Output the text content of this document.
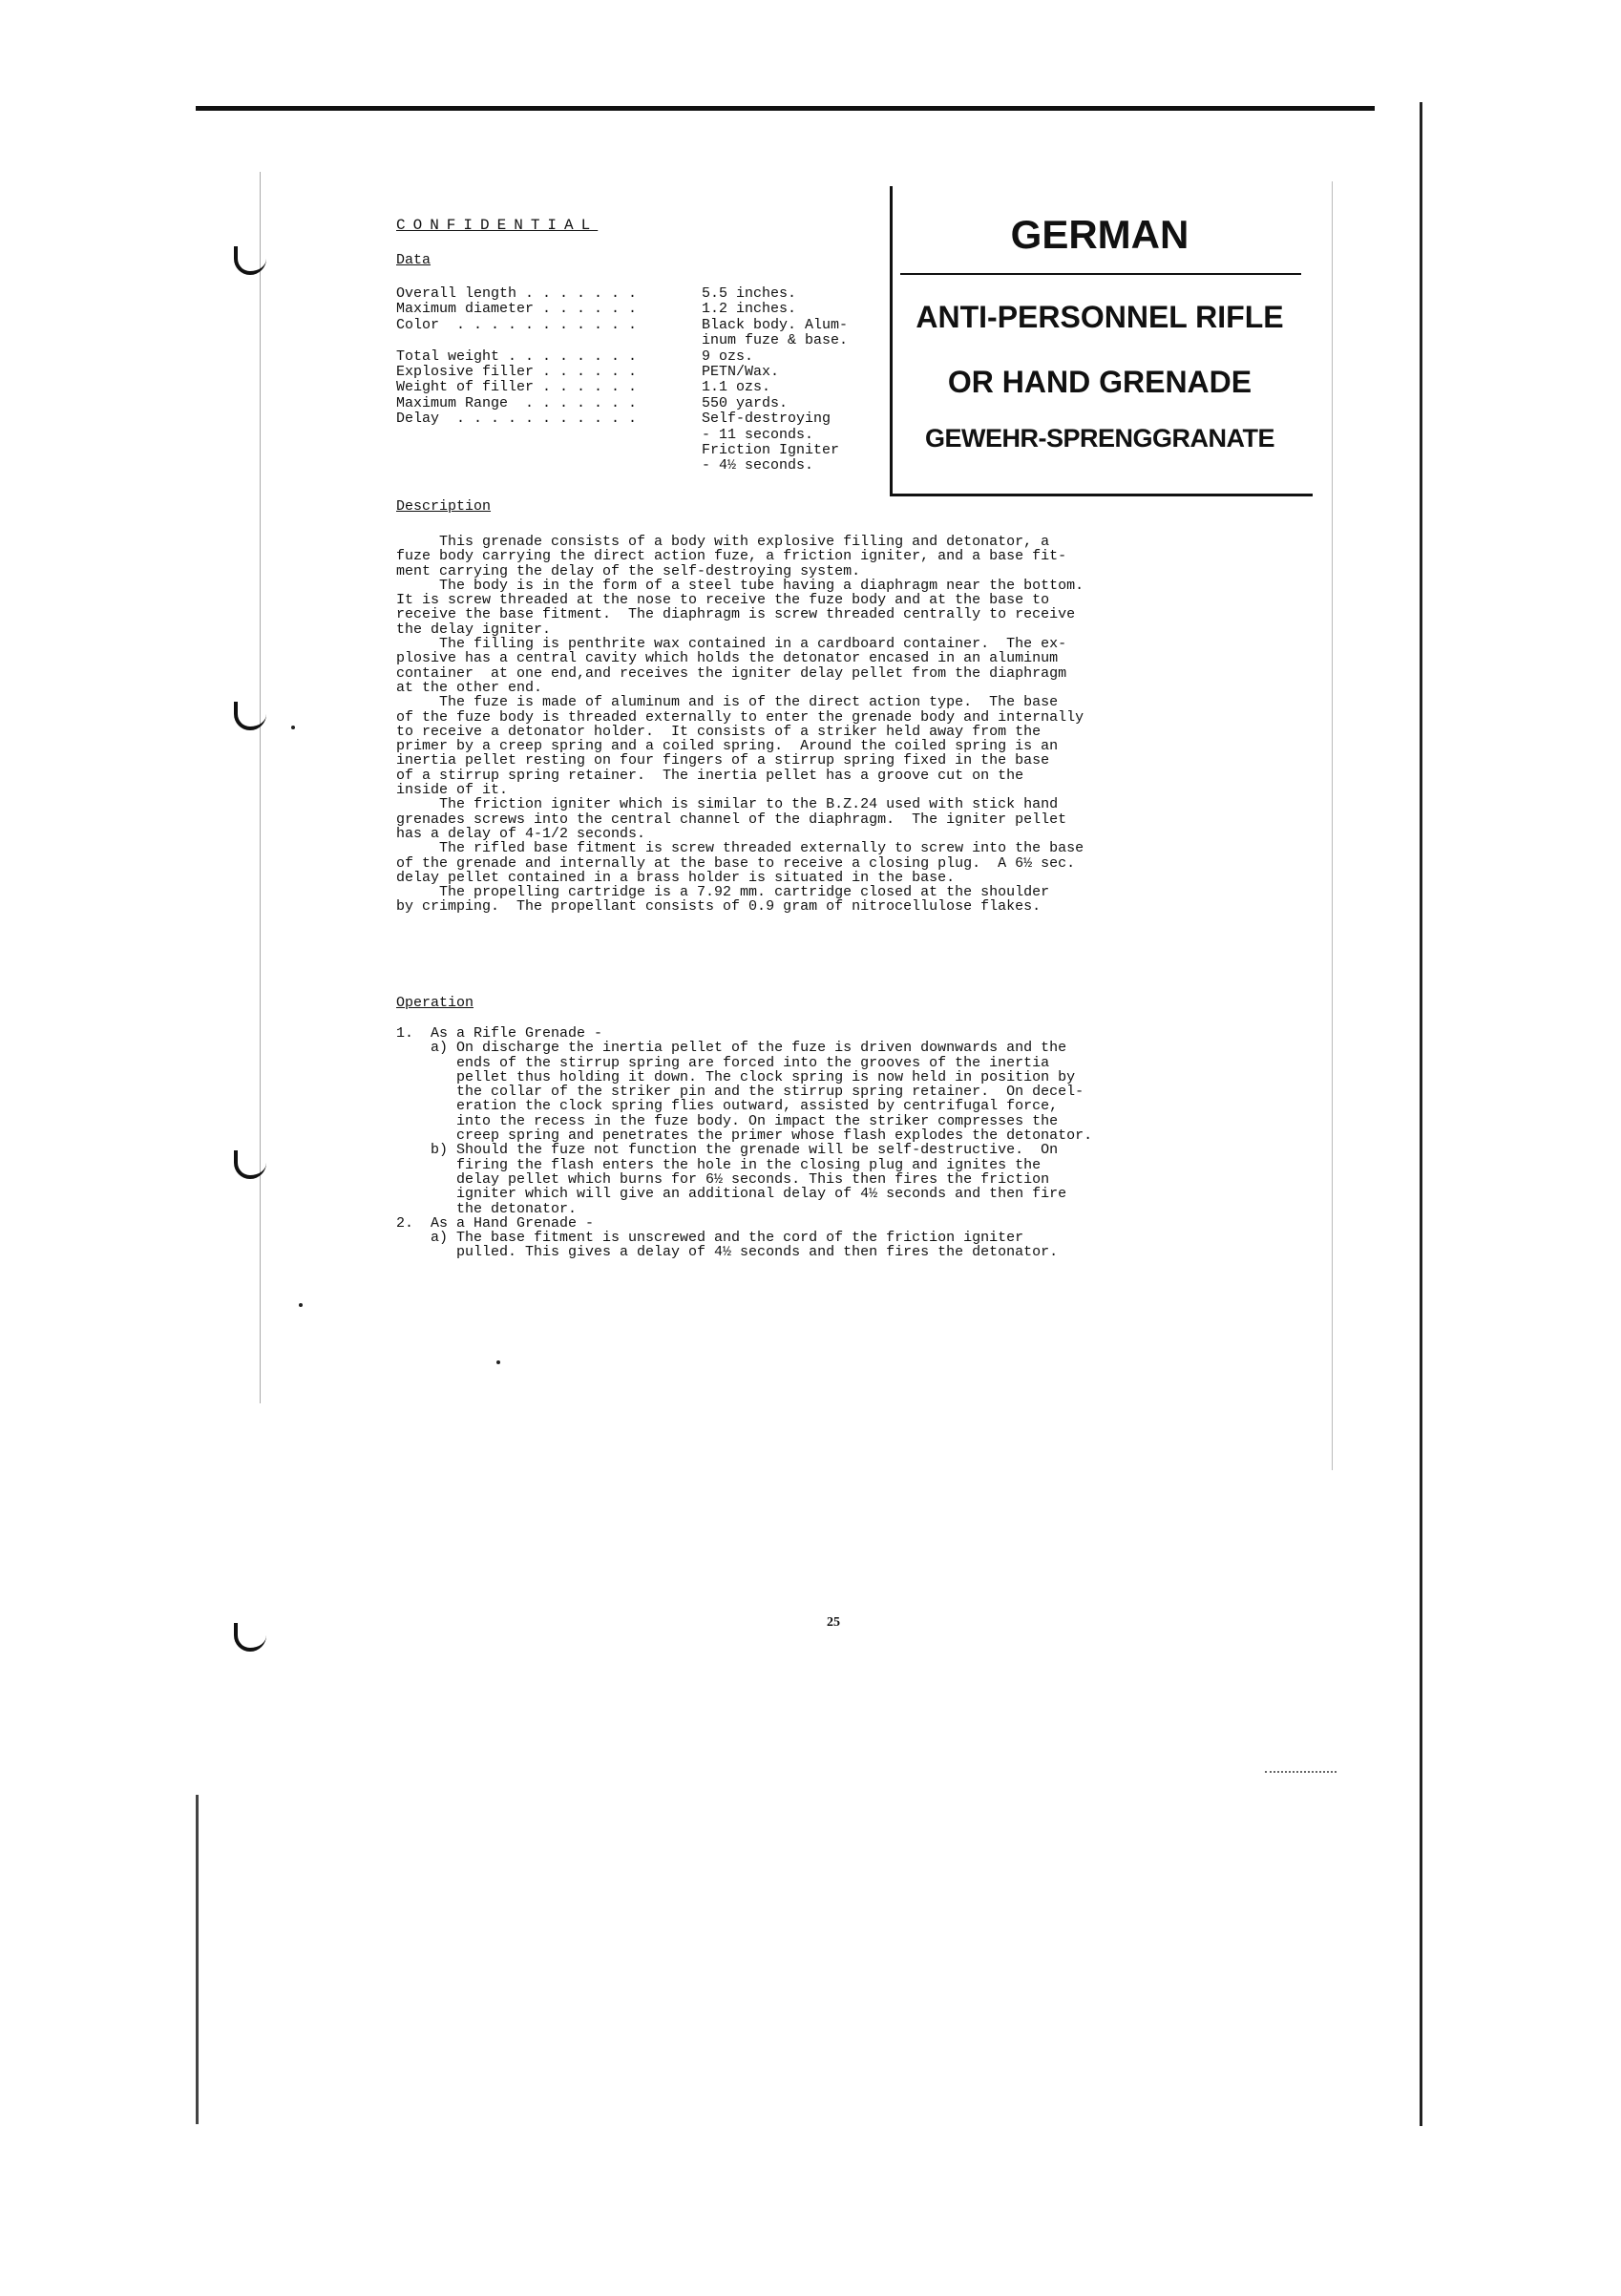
CONFIDENTIAL
Data
Overall length . . . . . . .	5.5 inches.
Maximum diameter . . . . . .	1.2 inches.
Color  . . . . . . . . . . .	Black body. Alum-
inum fuze & base.
Total weight . . . . . . . .	9 ozs.
Explosive filler . . . . . .	PETN/Wax.
Weight of filler . . . . . .	1.1 ozs.
Maximum Range  . . . . . . .	550 yards.
Delay  . . . . . . . . . . .	Self-destroying
- 11 seconds.
Friction Igniter
- 4½ seconds.
GERMAN
ANTI-PERSONNEL RIFLE
OR HAND GRENADE
GEWEHR-SPRENGGRANATE
Description

This grenade consists of a body with explosive filling and detonator, a

fuze body carrying the direct action fuze, a friction igniter, and a base fit-

ment carrying the delay of the self-destroying system.

The body is in the form of a steel tube having a diaphragm near the bottom.

It is screw threaded at the nose to receive the fuze body and at the base to

receive the base fitment.  The diaphragm is screw threaded centrally to receive

the delay igniter.

The filling is penthrite wax contained in a cardboard container.  The ex-

plosive has a central cavity which holds the detonator encased in an aluminum

container  at one end,and receives the igniter delay pellet from the diaphragm

at the other end.

The fuze is made of aluminum and is of the direct action type.  The base

of the fuze body is threaded externally to enter the grenade body and internally

to receive a detonator holder.  It consists of a striker held away from the

primer by a creep spring and a coiled spring.  Around the coiled spring is an

inertia pellet resting on four fingers of a stirrup spring fixed in the base

of a stirrup spring retainer.  The inertia pellet has a groove cut on the

inside of it.

The friction igniter which is similar to the B.Z.24 used with stick hand

grenades screws into the central channel of the diaphragm.  The igniter pellet

has a delay of 4-1/2 seconds.

The rifled base fitment is screw threaded externally to screw into the base

of the grenade and internally at the base to receive a closing plug.  A 6½ sec.

delay pellet contained in a brass holder is situated in the base.

The propelling cartridge is a 7.92 mm. cartridge closed at the shoulder

by crimping.  The propellant consists of 0.9 gram of nitrocellulose flakes.

Operation

1.  As a Rifle Grenade -

a) On discharge the inertia pellet of the fuze is driven downwards and the

ends of the stirrup spring are forced into the grooves of the inertia

pellet thus holding it down. The clock spring is now held in position by

the collar of the striker pin and the stirrup spring retainer.  On decel-

eration the clock spring flies outward, assisted by centrifugal force,

into the recess in the fuze body. On impact the striker compresses the

creep spring and penetrates the primer whose flash explodes the detonator.

b) Should the fuze not function the grenade will be self-destructive.  On

firing the flash enters the hole in the closing plug and ignites the

delay pellet which burns for 6½ seconds. This then fires the friction

igniter which will give an additional delay of 4½ seconds and then fire

the detonator.

2.  As a Hand Grenade -

a) The base fitment is unscrewed and the cord of the friction igniter

pulled. This gives a delay of 4½ seconds and then fires the detonator.

25
